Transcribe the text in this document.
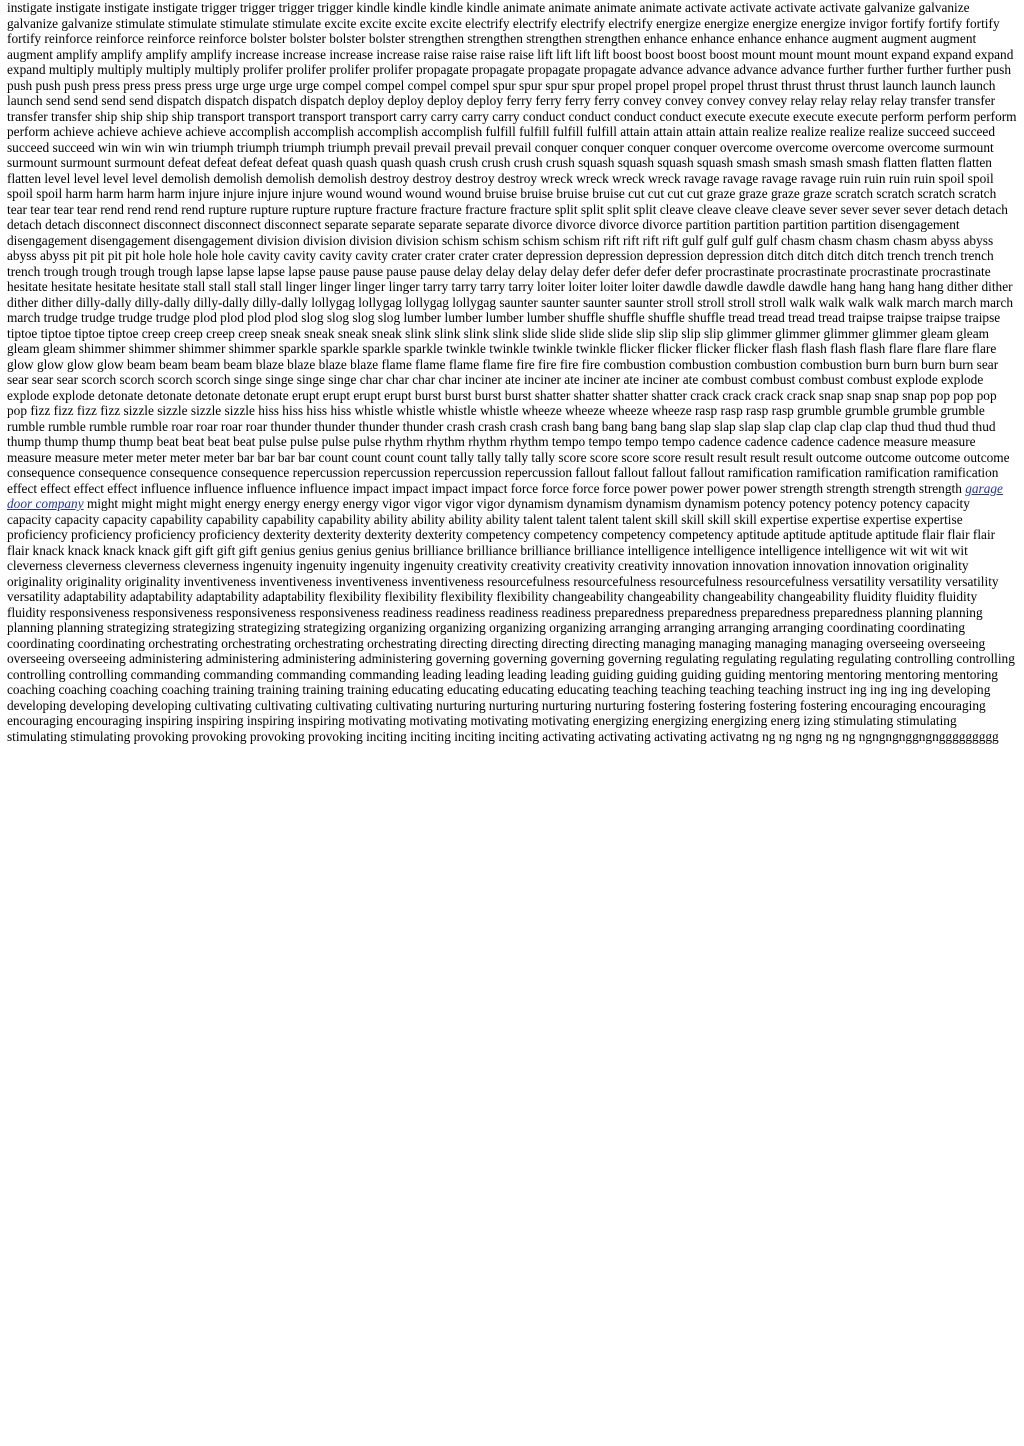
instigate instigate instigate instigate trigger trigger trigger trigger kindle kindle kindle kindle animate animate animate animate activate activate activate activate galvanize galvanize galvanize galvanize stimulate stimulate stimulate stimulate excite excite excite excite electrify electrify electrify electrify energize energize energize energize invigor fortify fortify fortify fortify reinforce reinforce reinforce reinforce bolster bolster bolster bolster strengthen strengthen strengthen strengthen enhance enhance enhance enhance augment augment augment augment amplify amplify amplify amplify increase increase increase increase raise raise raise raise lift lift lift lift boost boost boost boost mount mount mount mount expand expand expand expand multiply multiply multiply multiply prolifer prolifer prolifer prolifer propagate propagate propagate propagate advance advance advance advance further further further further push push push push press press press press urge urge urge urge compel compel compel compel spur spur spur spur propel propel propel propel thrust thrust thrust thrust launch launch launch launch send send send send dispatch dispatch dispatch dispatch deploy deploy deploy deploy ferry ferry ferry ferry convey convey convey convey relay relay relay relay transfer transfer transfer transfer ship ship ship ship transport transport transport transport carry carry carry carry conduct conduct conduct conduct execute execute execute execute perform perform perform perform achieve achieve achieve achieve accomplish accomplish accomplish accomplish fulfill fulfill fulfill fulfill attain attain attain attain realize realize realize realize succeed succeed succeed succeed win win win win triumph triumph triumph triumph prevail prevail prevail prevail conquer conquer conquer conquer overcome overcome overcome overcome surmount surmount surmount surmount defeat defeat defeat defeat quash quash quash quash crush crush crush crush squash squash squash squash smash smash smash smash flatten flatten flatten flatten level level level level demolish demolish demolish demolish destroy destroy destroy destroy wreck wreck wreck wreck ravage ravage ravage ravage ruin ruin ruin ruin spoil spoil spoil spoil harm harm harm harm injure injure injure injure wound wound wound wound bruise bruise bruise bruise cut cut cut cut graze graze graze graze scratch scratch scratch scratch tear tear tear tear rend rend rend rend rupture rupture rupture rupture fracture fracture fracture fracture split split split split cleave cleave cleave cleave sever sever sever sever detach detach detach detach disconnect disconnect disconnect disconnect separate separate separate separate divorce divorce divorce divorce partition partition partition partition disengagement disengagement disengagement disengagement division division division division schism schism schism schism rift rift rift rift gulf gulf gulf gulf chasm chasm chasm chasm abyss abyss abyss abyss pit pit pit pit hole hole hole hole cavity cavity cavity cavity crater crater crater crater depression depression depression depression ditch ditch ditch ditch trench trench trench trench trough trough trough trough lapse lapse lapse lapse pause pause pause pause delay delay delay delay defer defer defer defer procrastinate procrastinate procrastinate procrastinate hesitate hesitate hesitate hesitate stall stall stall stall linger linger linger linger tarry tarry tarry tarry loiter loiter loiter loiter dawdle dawdle dawdle dawdle hang hang hang hang dither dither dither dither dilly-dally dilly-dally dilly-dally dilly-dally lollygag lollygag lollygag lollygag saunter saunter saunter saunter stroll stroll stroll stroll walk walk walk walk march march march march trudge trudge trudge trudge plod plod plod plod slog slog slog slog lumber lumber lumber lumber shuffle shuffle shuffle shuffle tread tread tread tread traipse traipse traipse traipse tiptoe tiptoe tiptoe tiptoe creep creep creep creep sneak sneak sneak sneak slink slink slink slink slide slide slide slide slip slip slip slip glimmer glimmer glimmer glimmer gleam gleam gleam gleam shimmer shimmer shimmer shimmer sparkle sparkle sparkle sparkle twinkle twinkle twinkle twinkle flicker flicker flicker flicker flash flash flash flash flare flare flare flare glow glow glow glow beam beam beam beam blaze blaze blaze blaze flame flame flame flame fire fire fire fire combustion combustion combustion combustion burn burn burn burn sear sear sear sear scorch scorch scorch scorch singe singe singe singe char char char char inciner ate inciner ate inciner ate inciner ate combust combust combust combust explode explode explode explode detonate detonate detonate detonate erupt erupt erupt erupt burst burst burst burst shatter shatter shatter shatter crack crack crack crack snap snap snap snap pop pop pop pop fizz fizz fizz fizz sizzle sizzle sizzle sizzle hiss hiss hiss hiss whistle whistle whistle whistle wheeze wheeze wheeze wheeze rasp rasp rasp rasp grumble grumble grumble grumble rumble rumble rumble rumble roar roar roar roar thunder thunder thunder thunder crash crash crash crash bang bang bang bang slap slap slap slap clap clap clap clap thud thud thud thud thump thump thump thump beat beat beat beat pulse pulse pulse pulse rhythm rhythm rhythm rhythm tempo tempo tempo tempo cadence cadence cadence cadence measure measure measure measure meter meter meter meter bar bar bar bar count count count count tally tally tally tally score score score score result result result result outcome outcome outcome outcome consequence consequence consequence consequence repercussion repercussion repercussion repercussion fallout fallout fallout fallout ramification ramification ramification ramification effect effect effect effect influence influence influence influence impact impact impact impact force force force force power power power power strength strength strength strength garage door company might might might might energy energy energy energy vigor vigor vigor vigor dynamism dynamism dynamism dynamism potency potency potency potency capacity capacity capacity capacity capability capability capability capability ability ability ability ability talent talent talent talent skill skill skill skill expertise expertise expertise expertise proficiency proficiency proficiency proficiency dexterity dexterity dexterity dexterity competency competency competency competency aptitude aptitude aptitude aptitude flair flair flair flair knack knack knack knack gift gift gift gift genius genius genius genius brilliance brilliance brilliance brilliance intelligence intelligence intelligence intelligence wit wit wit wit cleverness cleverness cleverness cleverness ingenuity ingenuity ingenuity ingenuity creativity creativity creativity creativity innovation innovation innovation innovation originality originality originality originality inventiveness inventiveness inventiveness inventiveness resourcefulness resourcefulness resourcefulness resourcefulness versatility versatility versatility versatility adaptability adaptability adaptability adaptability flexibility flexibility flexibility flexibility changeability changeability changeability changeability fluidity fluidity fluidity fluidity responsiveness responsiveness responsiveness responsiveness readiness readiness readiness readiness preparedness preparedness preparedness preparedness planning planning planning planning strategizing strategizing strategizing strategizing organizing organizing organizing organizing arranging arranging arranging arranging coordinating coordinating coordinating coordinating orchestrating orchestrating orchestrating orchestrating directing directing directing directing managing managing managing managing overseeing overseeing overseeing overseeing administering administering administering administering governing governing governing governing regulating regulating regulating regulating controlling controlling controlling controlling commanding commanding commanding commanding leading leading leading leading guiding guiding guiding guiding mentoring mentoring mentoring mentoring coaching coaching coaching coaching training training training training educating educating educating educating teaching teaching teaching teaching instruct ing ing ing ing developing developing developing developing cultivating cultivating cultivating cultivating nurturing nurturing nurturing nurturing fostering fostering fostering fostering encouraging encouraging encouraging encouraging inspiring inspiring inspiring inspiring motivating motivating motivating motivating energizing energizing energizing energ izing stimulating stimulating stimulating stimulating provoking provoking provoking provoking inciting inciting inciting inciting activating activating activating activatng ng ng ngng ng ng ngngngnggngnggggggggg
